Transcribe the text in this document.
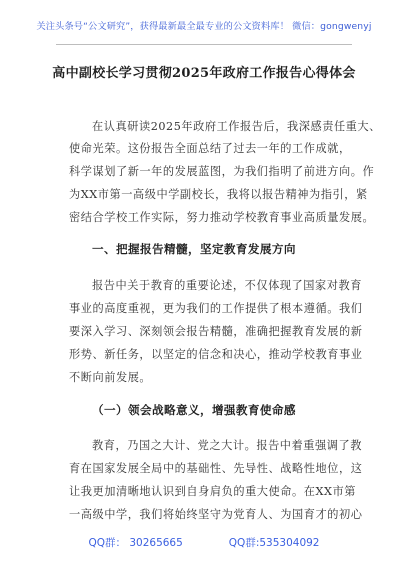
关注头条号“公文研究”，获得最新最全最专业的公文资料库！ 微信：gongwenyj
高中副校长学习贯彻2025年政府工作报告心得体会
在认真研读2025年政府工作报告后，我深感责任重大、
使命光荣。这份报告全面总结了过去一年的工作成就，
科学谋划了新一年的发展蓝图，为我们指明了前进方向。作
为XX市第一高级中学副校长，我将以报告精神为指引，紧
密结合学校工作实际，努力推动学校教育事业高质量发展。
一、把握报告精髓，坚定教育发展方向
报告中关于教育的重要论述，不仅体现了国家对教育
事业的高度重视，更为我们的工作提供了根本遵循。我们
要深入学习、深刻领会报告精髓，准确把握教育发展的新
形势、新任务，以坚定的信念和决心，推动学校教育事业
不断向前发展。
（一）领会战略意义，增强教育使命感
教育，乃国之大计、党之大计。报告中着重强调了教
育在国家发展全局中的基础性、先导性、战略性地位，这
让我更加清晰地认识到自身肩负的重大使命。在XX市第
一高级中学，我们将始终坚守为党育人、为国育才的初心
QQ群： 30265665	QQ群:535304092
